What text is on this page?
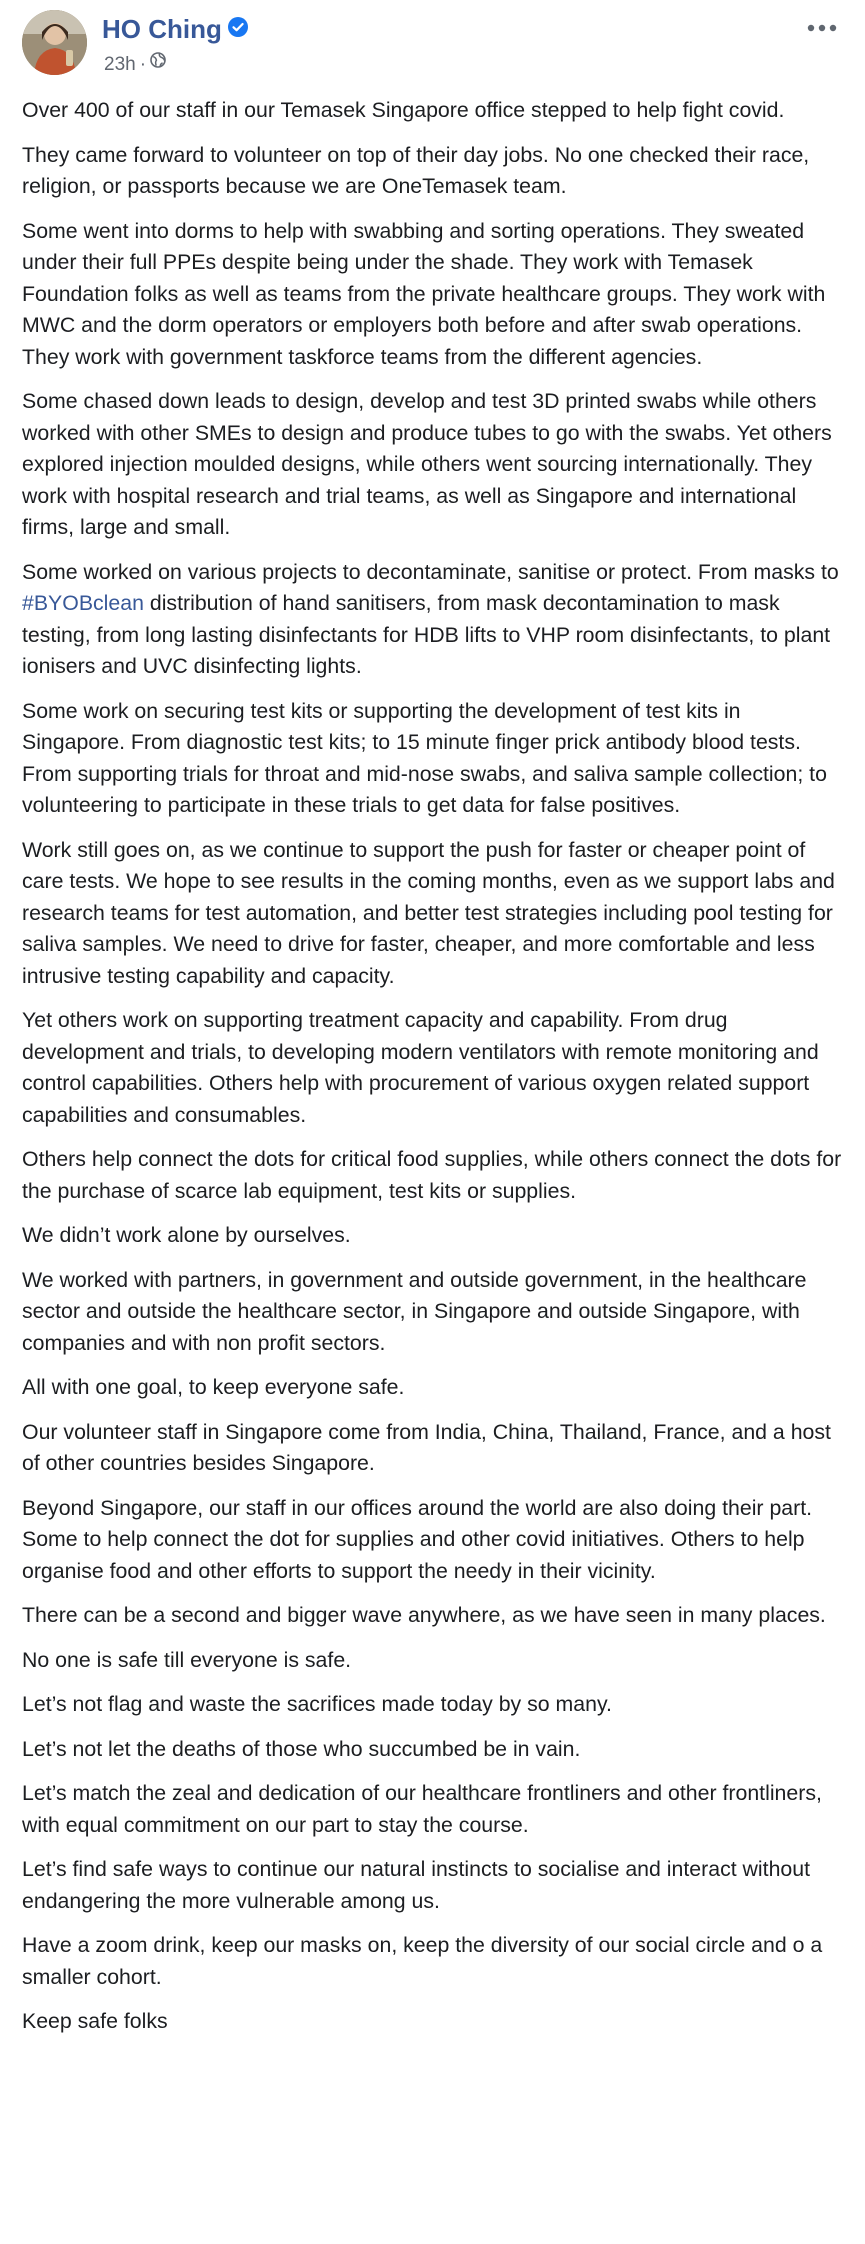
HO Ching
23h ·

Over 400 of our staff in our Temasek Singapore office stepped to help fight covid.

They came forward to volunteer on top of their day jobs. No one checked their race, religion, or passports because we are OneTemasek team.

Some went into dorms to help with swabbing and sorting operations. They sweated under their full PPEs despite being under the shade. They work with Temasek Foundation folks as well as teams from the private healthcare groups. They work with MWC and the dorm operators or employers both before and after swab operations. They work with government taskforce teams from the different agencies.

Some chased down leads to design, develop and test 3D printed swabs while others worked with other SMEs to design and produce tubes to go with the swabs. Yet others explored injection moulded designs, while others went sourcing internationally. They work with hospital research and trial teams, as well as Singapore and international firms, large and small.

Some worked on various projects to decontaminate, sanitise or protect. From masks to #BYOBclean distribution of hand sanitisers, from mask decontamination to mask testing, from long lasting disinfectants for HDB lifts to VHP room disinfectants, to plant ionisers and UVC disinfecting lights.

Some work on securing test kits or supporting the development of test kits in Singapore. From diagnostic test kits; to 15 minute finger prick antibody blood tests. From supporting trials for throat and mid-nose swabs, and saliva sample collection; to volunteering to participate in these trials to get data for false positives.

Work still goes on, as we continue to support the push for faster or cheaper point of care tests. We hope to see results in the coming months, even as we support labs and research teams for test automation, and better test strategies including pool testing for saliva samples. We need to drive for faster, cheaper, and more comfortable and less intrusive testing capability and capacity.

Yet others work on supporting treatment capacity and capability. From drug development and trials, to developing modern ventilators with remote monitoring and control capabilities. Others help with procurement of various oxygen related support capabilities and consumables.

Others help connect the dots for critical food supplies, while others connect the dots for the purchase of scarce lab equipment, test kits or supplies.

We didn’t work alone by ourselves.

We worked with partners, in government and outside government, in the healthcare sector and outside the healthcare sector, in Singapore and outside Singapore, with companies and with non profit sectors.

All with one goal, to keep everyone safe.

Our volunteer staff in Singapore come from India, China, Thailand, France, and a host of other countries besides Singapore.

Beyond Singapore, our staff in our offices around the world are also doing their part. Some to help connect the dot for supplies and other covid initiatives. Others to help organise food and other efforts to support the needy in their vicinity.

There can be a second and bigger wave anywhere, as we have seen in many places.

No one is safe till everyone is safe.

Let’s not flag and waste the sacrifices made today by so many.

Let’s not let the deaths of those who succumbed be in vain.

Let’s match the zeal and dedication of our healthcare frontliners and other frontliners, with equal commitment on our part to stay the course.

Let’s find safe ways to continue our natural instincts to socialise and interact without endangering the more vulnerable among us.

Have a zoom drink, keep our masks on, keep the diversity of our social circle and o a smaller cohort.

Keep safe folks
